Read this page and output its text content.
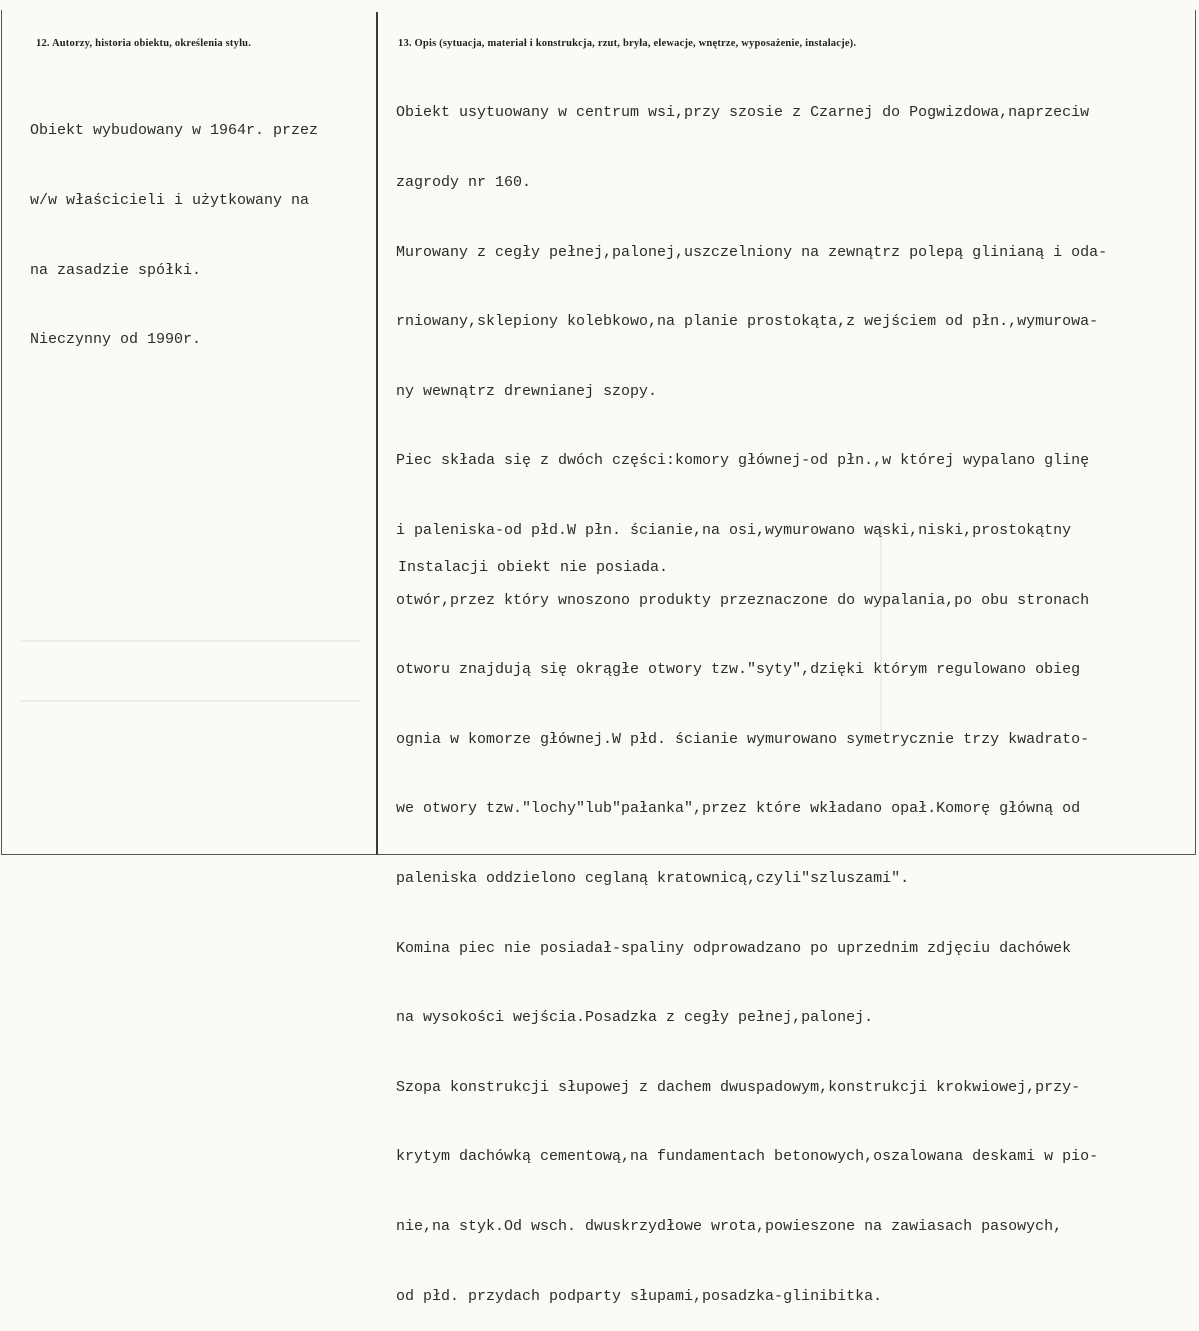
12. Autorzy, historia obiektu, określenia stylu.	13. Opis (sytuacja, materiał i konstrukcja, rzut, bryła, elewacje, wnętrze, wyposażenie, instalacje).

Obiekt wybudowany w 1964r. przez

w/w właścicieli i użytkowany na

na zasadzie spółki.

Nieczynny od 1990r.

Obiekt usytuowany w centrum wsi,przy szosie z Czarnej do Pogwizdowa,naprzeciw

zagrody nr 160.

Murowany z cegły pełnej,palonej,uszczelniony na zewnątrz polepą glinianą i oda-

rniowany,sklepiony kolebkowo,na planie prostokąta,z wejściem od płn.,wymurowa-

ny wewnątrz drewnianej szopy.

Piec składa się z dwóch części:komory głównej-od płn.,w której wypalano glinę

i paleniska-od płd.W płn. ścianie,na osi,wymurowano wąski,niski,prostokątny

otwór,przez który wnoszono produkty przeznaczone do wypalania,po obu stronach

otworu znajdują się okrągłe otwory tzw."syty",dzięki którym regulowano obieg

ognia w komorze głównej.W płd. ścianie wymurowano symetrycznie trzy kwadrato-

we otwory tzw."lochy"lub"pałanka",przez które wkładano opał.Komorę główną od

paleniska oddzielono ceglaną kratownicą,czyli"szluszami".

Komina piec nie posiadał-spaliny odprowadzano po uprzednim zdjęciu dachówek

na wysokości wejścia.Posadzka z cegły pełnej,palonej.

Szopa konstrukcji słupowej z dachem dwuspadowym,konstrukcji krokwiowej,przy-

krytym dachówką cementową,na fundamentach betonowych,oszalowana deskami w pio-

nie,na styk.Od wsch. dwuskrzydłowe wrota,powieszone na zawiasach pasowych,

od płd. przydach podparty słupami,posadzka-glinibitka.

Instalacji obiekt nie posiada.
